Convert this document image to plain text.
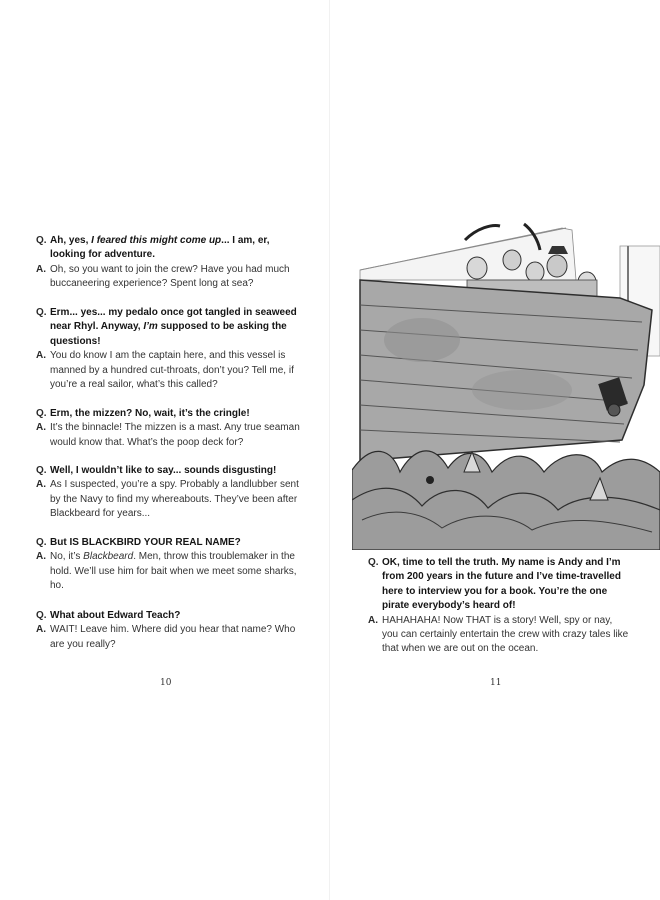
Q. Ah, yes, I feared this might come up... I am, er, looking for adventure.

A. Oh, so you want to join the crew? Have you had much buccaneering experience? Spent long at sea?

Q. Erm... yes... my pedalo once got tangled in seaweed near Rhyl. Anyway, I’m supposed to be asking the questions!

A. You do know I am the captain here, and this vessel is manned by a hundred cut-throats, don’t you? Tell me, if you’re a real sailor, what’s this called?

Q. Erm, the mizzen? No, wait, it’s the cringle!

A. It’s the binnacle! The mizzen is a mast. Any true seaman would know that. What’s the poop deck for?

Q. Well, I wouldn’t like to say... sounds disgusting!

A. As I suspected, you’re a spy. Probably a landlubber sent by the Navy to find my whereabouts. They’ve been after Blackbeard for years...

Q. But IS BLACKBIRD YOUR REAL NAME?

A. No, it’s Blackbeard. Men, throw this troublemaker in the hold. We’ll use him for bait when we meet some sharks, ho.

Q. What about Edward Teach?

A. WAIT! Leave him. Where did you hear that name? Who are you really?

10

Q. OK, time to tell the truth. My name is Andy and I’m from 200 years in the future and I’ve time-travelled here to interview you for a book. You’re the one pirate everybody’s heard of!

A. HAHAHAHA! Now THAT is a story! Well, spy or nay, you can certainly entertain the crew with crazy tales like that when we are out on the ocean.

11
